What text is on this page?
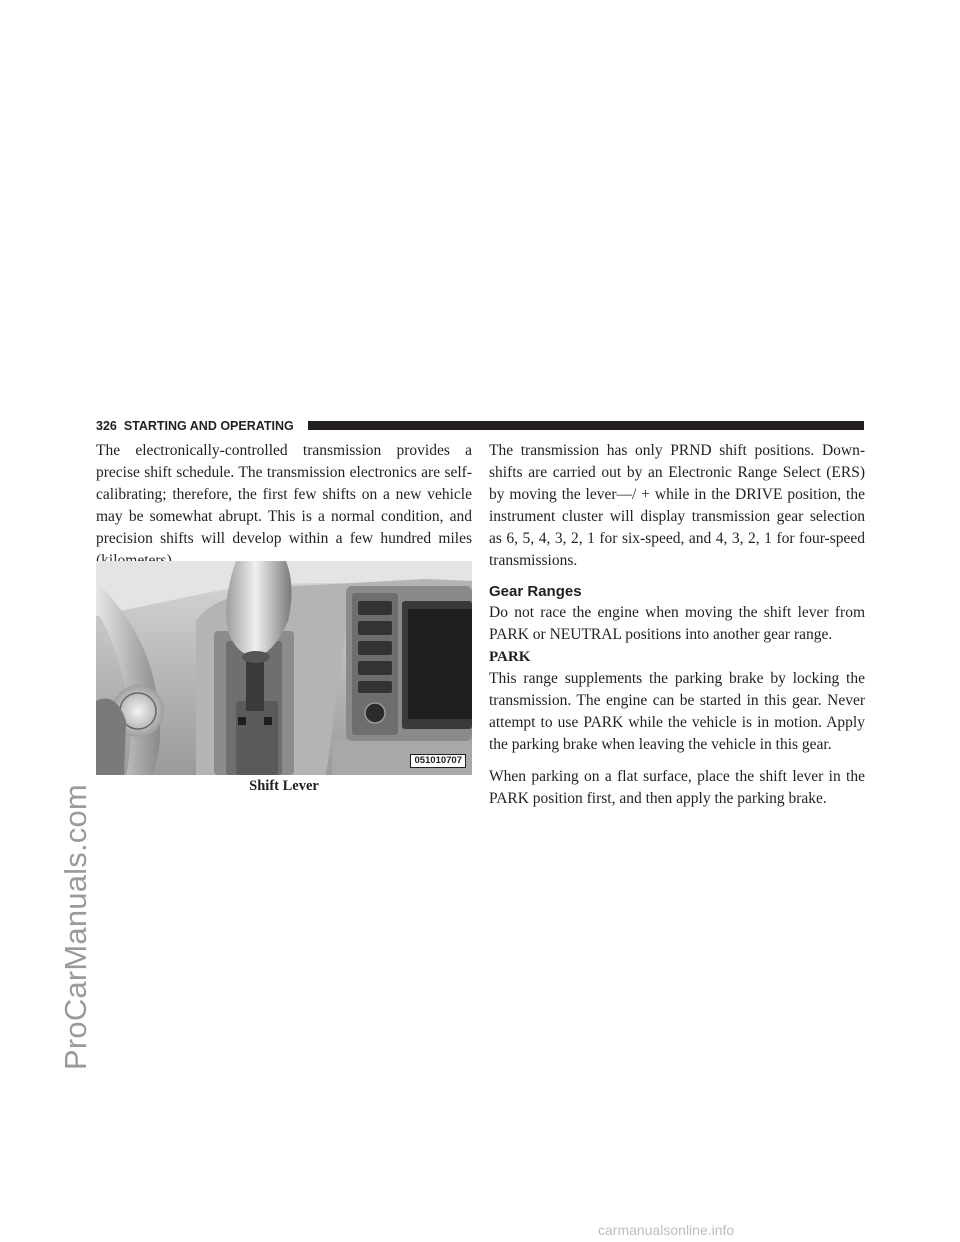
ProCarManuals.com
carmanualsonline.info
326 STARTING AND OPERATING

The electronically-controlled transmission provides a precise shift schedule. The transmission electronics are self-calibrating; therefore, the first few shifts on a new vehicle may be somewhat abrupt. This is a normal condition, and precision shifts will develop within a few hundred miles

051010707
Shift Lever

The transmission has only PRND shift positions. Down-shifts are carried out by an Electronic Range Select (ERS) by moving the lever—/ + while in the DRIVE position, the instrument cluster will display transmission gear selection as 6, 5, 4, 3, 2, 1 for six-speed, and 4, 3, 2, 1 for four-speed transmissions.

Gear Ranges

Do not race the engine when moving the shift lever from PARK or NEUTRAL positions into another gear range.

PARK

This range supplements the parking brake by locking the transmission. The engine can be started in this gear. Never attempt to use PARK while the vehicle is in motion. Apply the parking brake when leaving the vehicle in this gear.

When parking on a flat surface, place the shift lever in the PARK position first, and then apply the parking brake.
